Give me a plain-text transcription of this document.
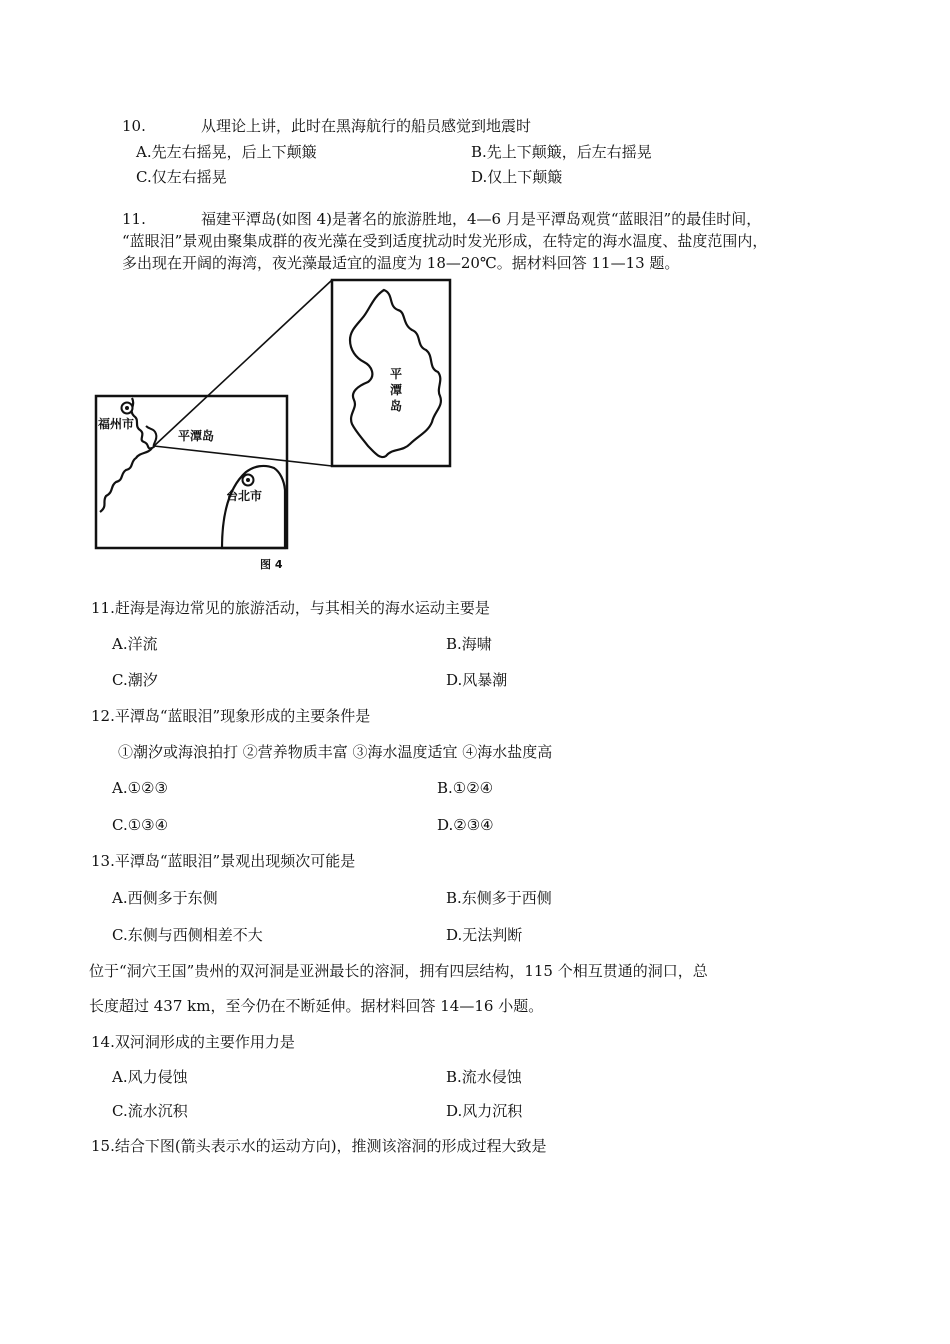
10.	从理论上讲，此时在黑海航行的船员感觉到地震时
A.先左右摇晃，后上下颠簸	B.先上下颠簸，后左右摇晃
C.仅左右摇晃	D.仅上下颠簸
11.	福建平潭岛(如图 4)是著名的旅游胜地，4—6 月是平潭岛观赏“蓝眼泪”的最佳时间，
“蓝眼泪”景观由聚集成群的夜光藻在受到适度扰动时发光形成，在特定的海水温度、盐度范围内，
多出现在开阔的海湾，夜光藻最适宜的温度为 18—20℃。据材料回答 11—13 题。
福州市
平潭岛
台北市
平
潭
岛
图 4
11.赶海是海边常见的旅游活动，与其相关的海水运动主要是
A.洋流	B.海啸
C.潮汐	D.风暴潮
12.平潭岛“蓝眼泪”现象形成的主要条件是
①潮汐或海浪拍打 ②营养物质丰富 ③海水温度适宜 ④海水盐度高
A.①②③	B.①②④
C.①③④	D.②③④
13.平潭岛“蓝眼泪”景观出现频次可能是
A.西侧多于东侧	B.东侧多于西侧
C.东侧与西侧相差不大	D.无法判断
位于“洞穴王国”贵州的双河洞是亚洲最长的溶洞，拥有四层结构，115 个相互贯通的洞口，总
长度超过 437 km，至今仍在不断延伸。据材料回答 14—16 小题。
14.双河洞形成的主要作用力是
A.风力侵蚀	B.流水侵蚀
C.流水沉积	D.风力沉积
15.结合下图(箭头表示水的运动方向)，推测该溶洞的形成过程大致是
